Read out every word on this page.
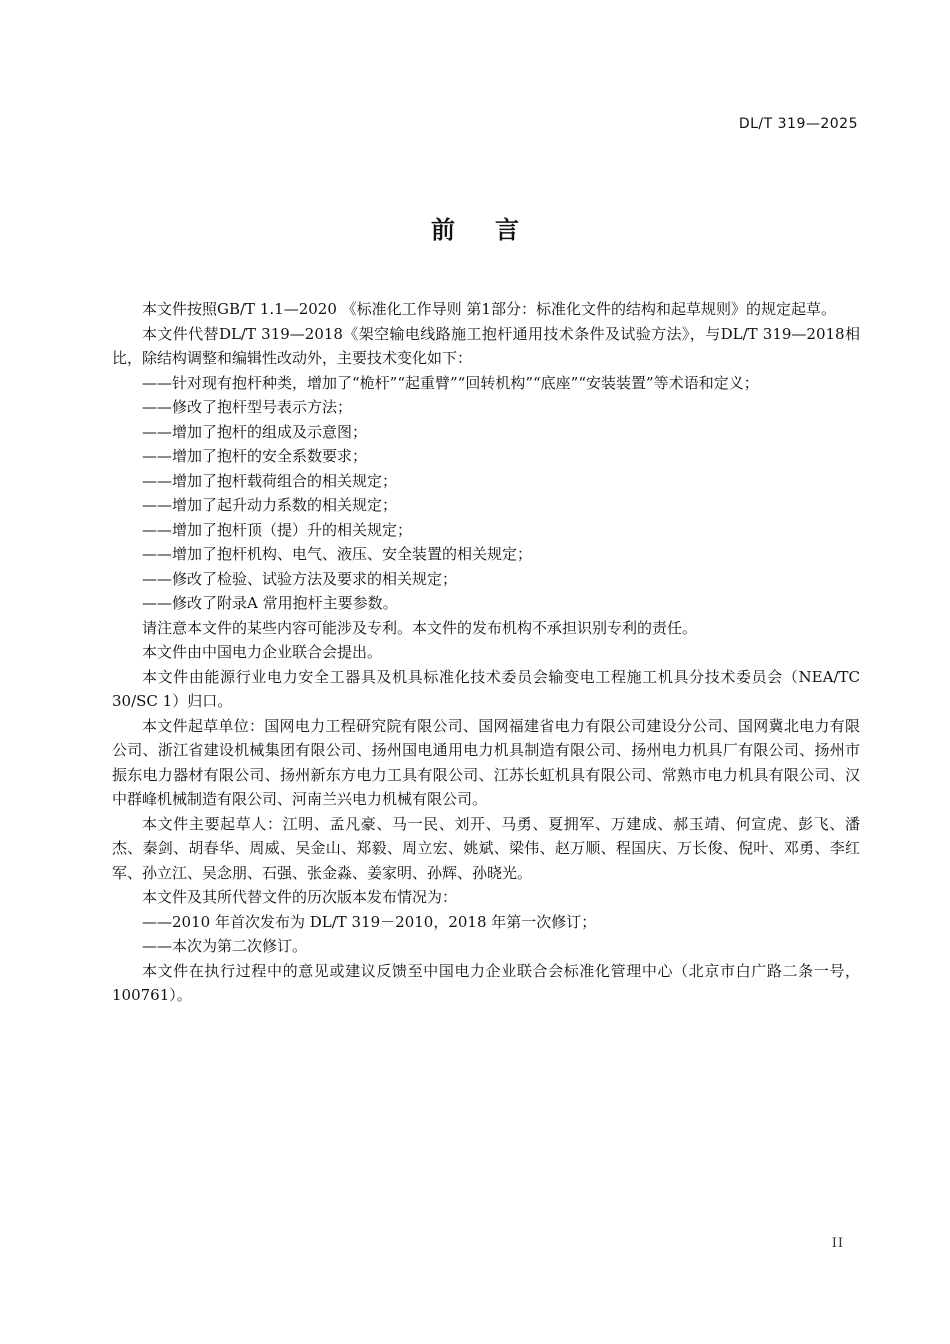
DL/T 319—2025
前言

本文件按照GB/T 1.1—2020 《标准化工作导则 第1部分：标准化文件的结构和起草规则》的规定起草。

本文件代替DL/T 319—2018《架空输电线路施工抱杆通用技术条件及试验方法》，与DL/T 319—2018相比，除结构调整和编辑性改动外，主要技术变化如下：

——针对现有抱杆种类，增加了“桅杆”“起重臂”“回转机构”“底座”“安装装置”等术语和定义；

——修改了抱杆型号表示方法；

——增加了抱杆的组成及示意图；

——增加了抱杆的安全系数要求；

——增加了抱杆载荷组合的相关规定；

——增加了起升动力系数的相关规定；

——增加了抱杆顶（提）升的相关规定；

——增加了抱杆机构、电气、液压、安全装置的相关规定；

——修改了检验、试验方法及要求的相关规定；

——修改了附录A 常用抱杆主要参数。

请注意本文件的某些内容可能涉及专利。本文件的发布机构不承担识别专利的责任。

本文件由中国电力企业联合会提出。

本文件由能源行业电力安全工器具及机具标准化技术委员会输变电工程施工机具分技术委员会（NEA/TC 30/SC 1）归口。

本文件起草单位：国网电力工程研究院有限公司、国网福建省电力有限公司建设分公司、国网冀北电力有限公司、浙江省建设机械集团有限公司、扬州国电通用电力机具制造有限公司、扬州电力机具厂有限公司、扬州市振东电力器材有限公司、扬州新东方电力工具有限公司、江苏长虹机具有限公司、常熟市电力机具有限公司、汉中群峰机械制造有限公司、河南兰兴电力机械有限公司。

本文件主要起草人：江明、孟凡豪、马一民、刘开、马勇、夏拥军、万建成、郝玉靖、何宣虎、彭飞、潘杰、秦剑、胡春华、周威、吴金山、郑毅、周立宏、姚斌、梁伟、赵万顺、程国庆、万长俊、倪叶、邓勇、李红军、孙立江、吴念朋、石强、张金淼、姜家明、孙辉、孙晓光。

本文件及其所代替文件的历次版本发布情况为：

——2010 年首次发布为 DL/T 319－2010，2018 年第一次修订；

——本次为第二次修订。

本文件在执行过程中的意见或建议反馈至中国电力企业联合会标准化管理中心（北京市白广路二条一号，100761）。

II
